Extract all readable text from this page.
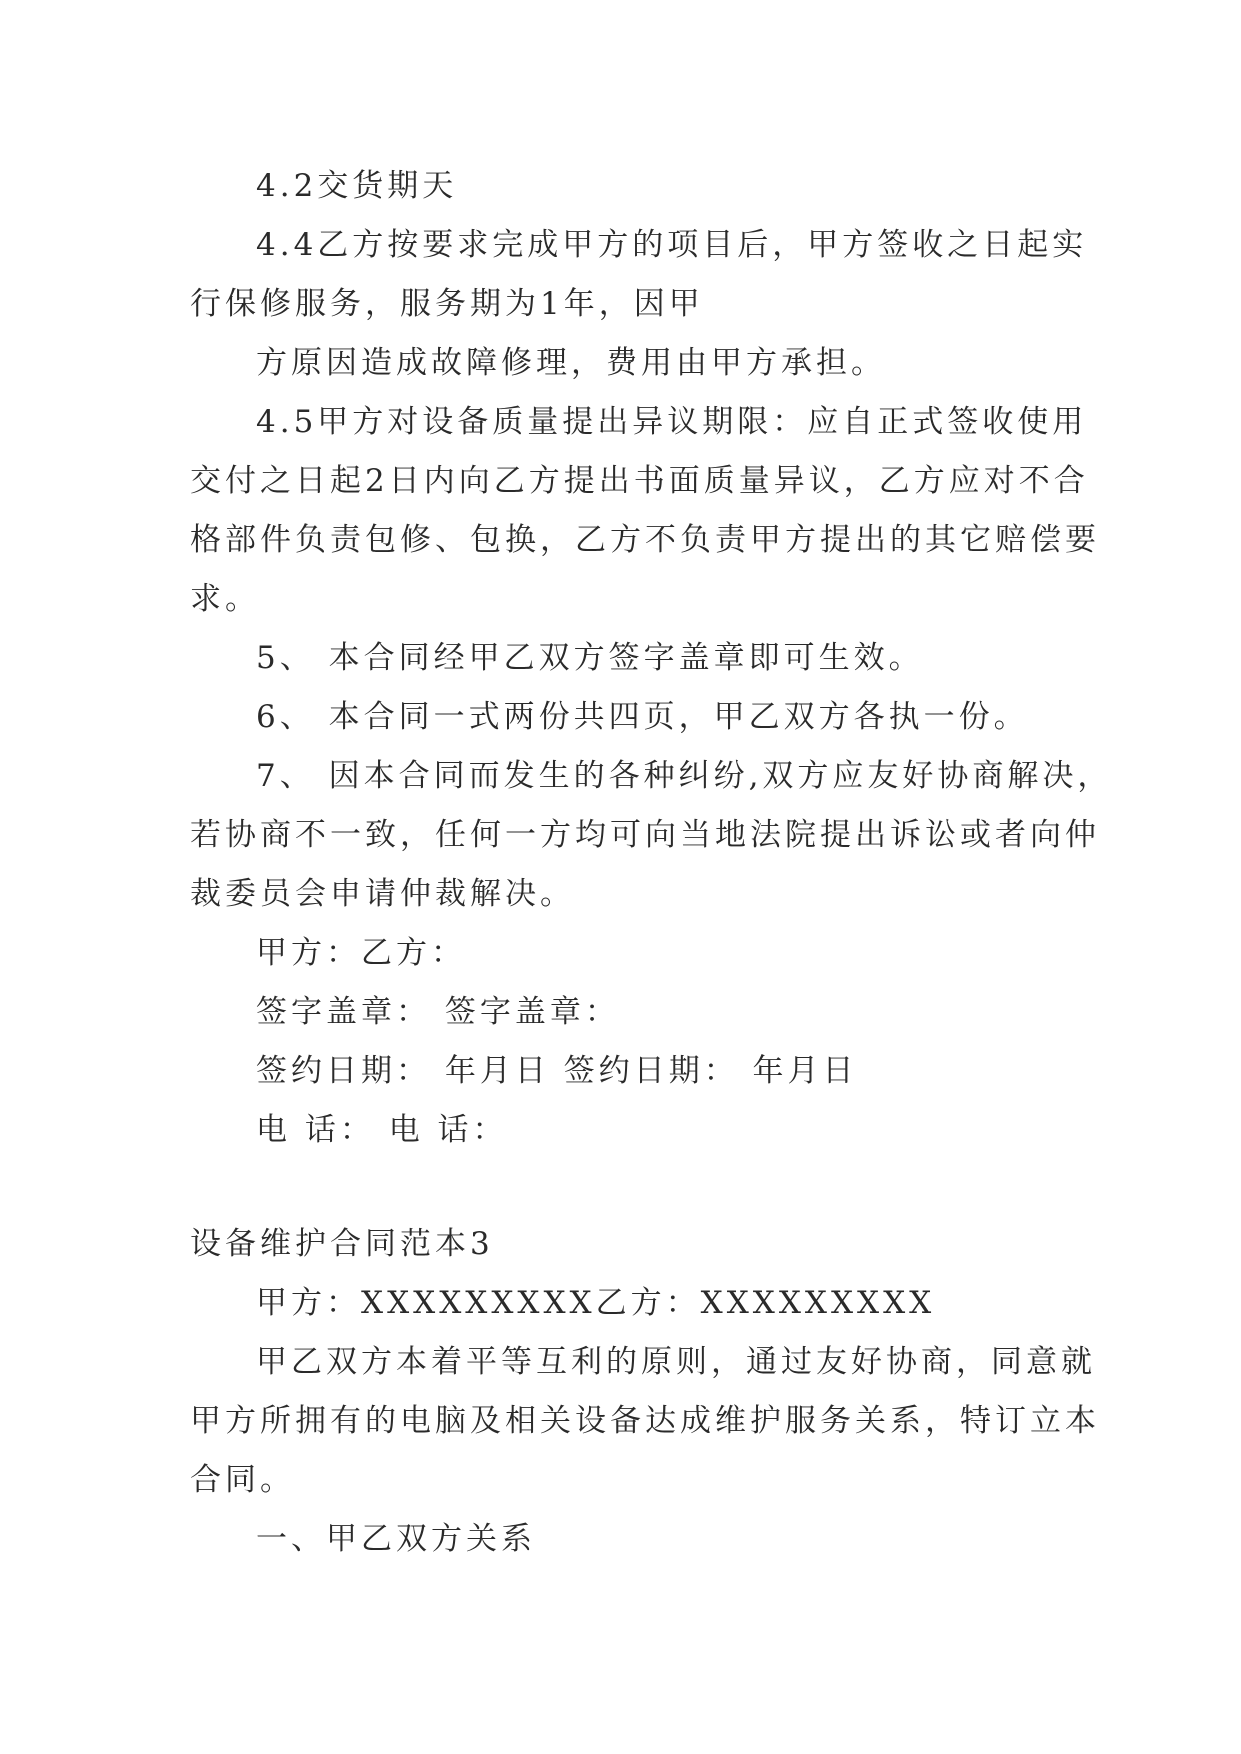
4.2交货期天
4.4乙方按要求完成甲方的项目后，甲方签收之日起实
行保修服务，服务期为1年，因甲
方原因造成故障修理，费用由甲方承担。
4.5甲方对设备质量提出异议期限：应自正式签收使用
交付之日起2日内向乙方提出书面质量异议，乙方应对不合
格部件负责包修、包换，乙方不负责甲方提出的其它赔偿要
求。
5、 本合同经甲乙双方签字盖章即可生效。
6、 本合同一式两份共四页，甲乙双方各执一份。
7、 因本合同而发生的各种纠纷,双方应友好协商解决，
若协商不一致，任何一方均可向当地法院提出诉讼或者向仲
裁委员会申请仲裁解决。
甲方：乙方：
签字盖章： 签字盖章：
签约日期： 年月日 签约日期： 年月日
电 话： 电 话：
设备维护合同范本3
甲方：XXXXXXXXX乙方：XXXXXXXXX
甲乙双方本着平等互利的原则，通过友好协商，同意就
甲方所拥有的电脑及相关设备达成维护服务关系，特订立本
合同。
一、甲乙双方关系
